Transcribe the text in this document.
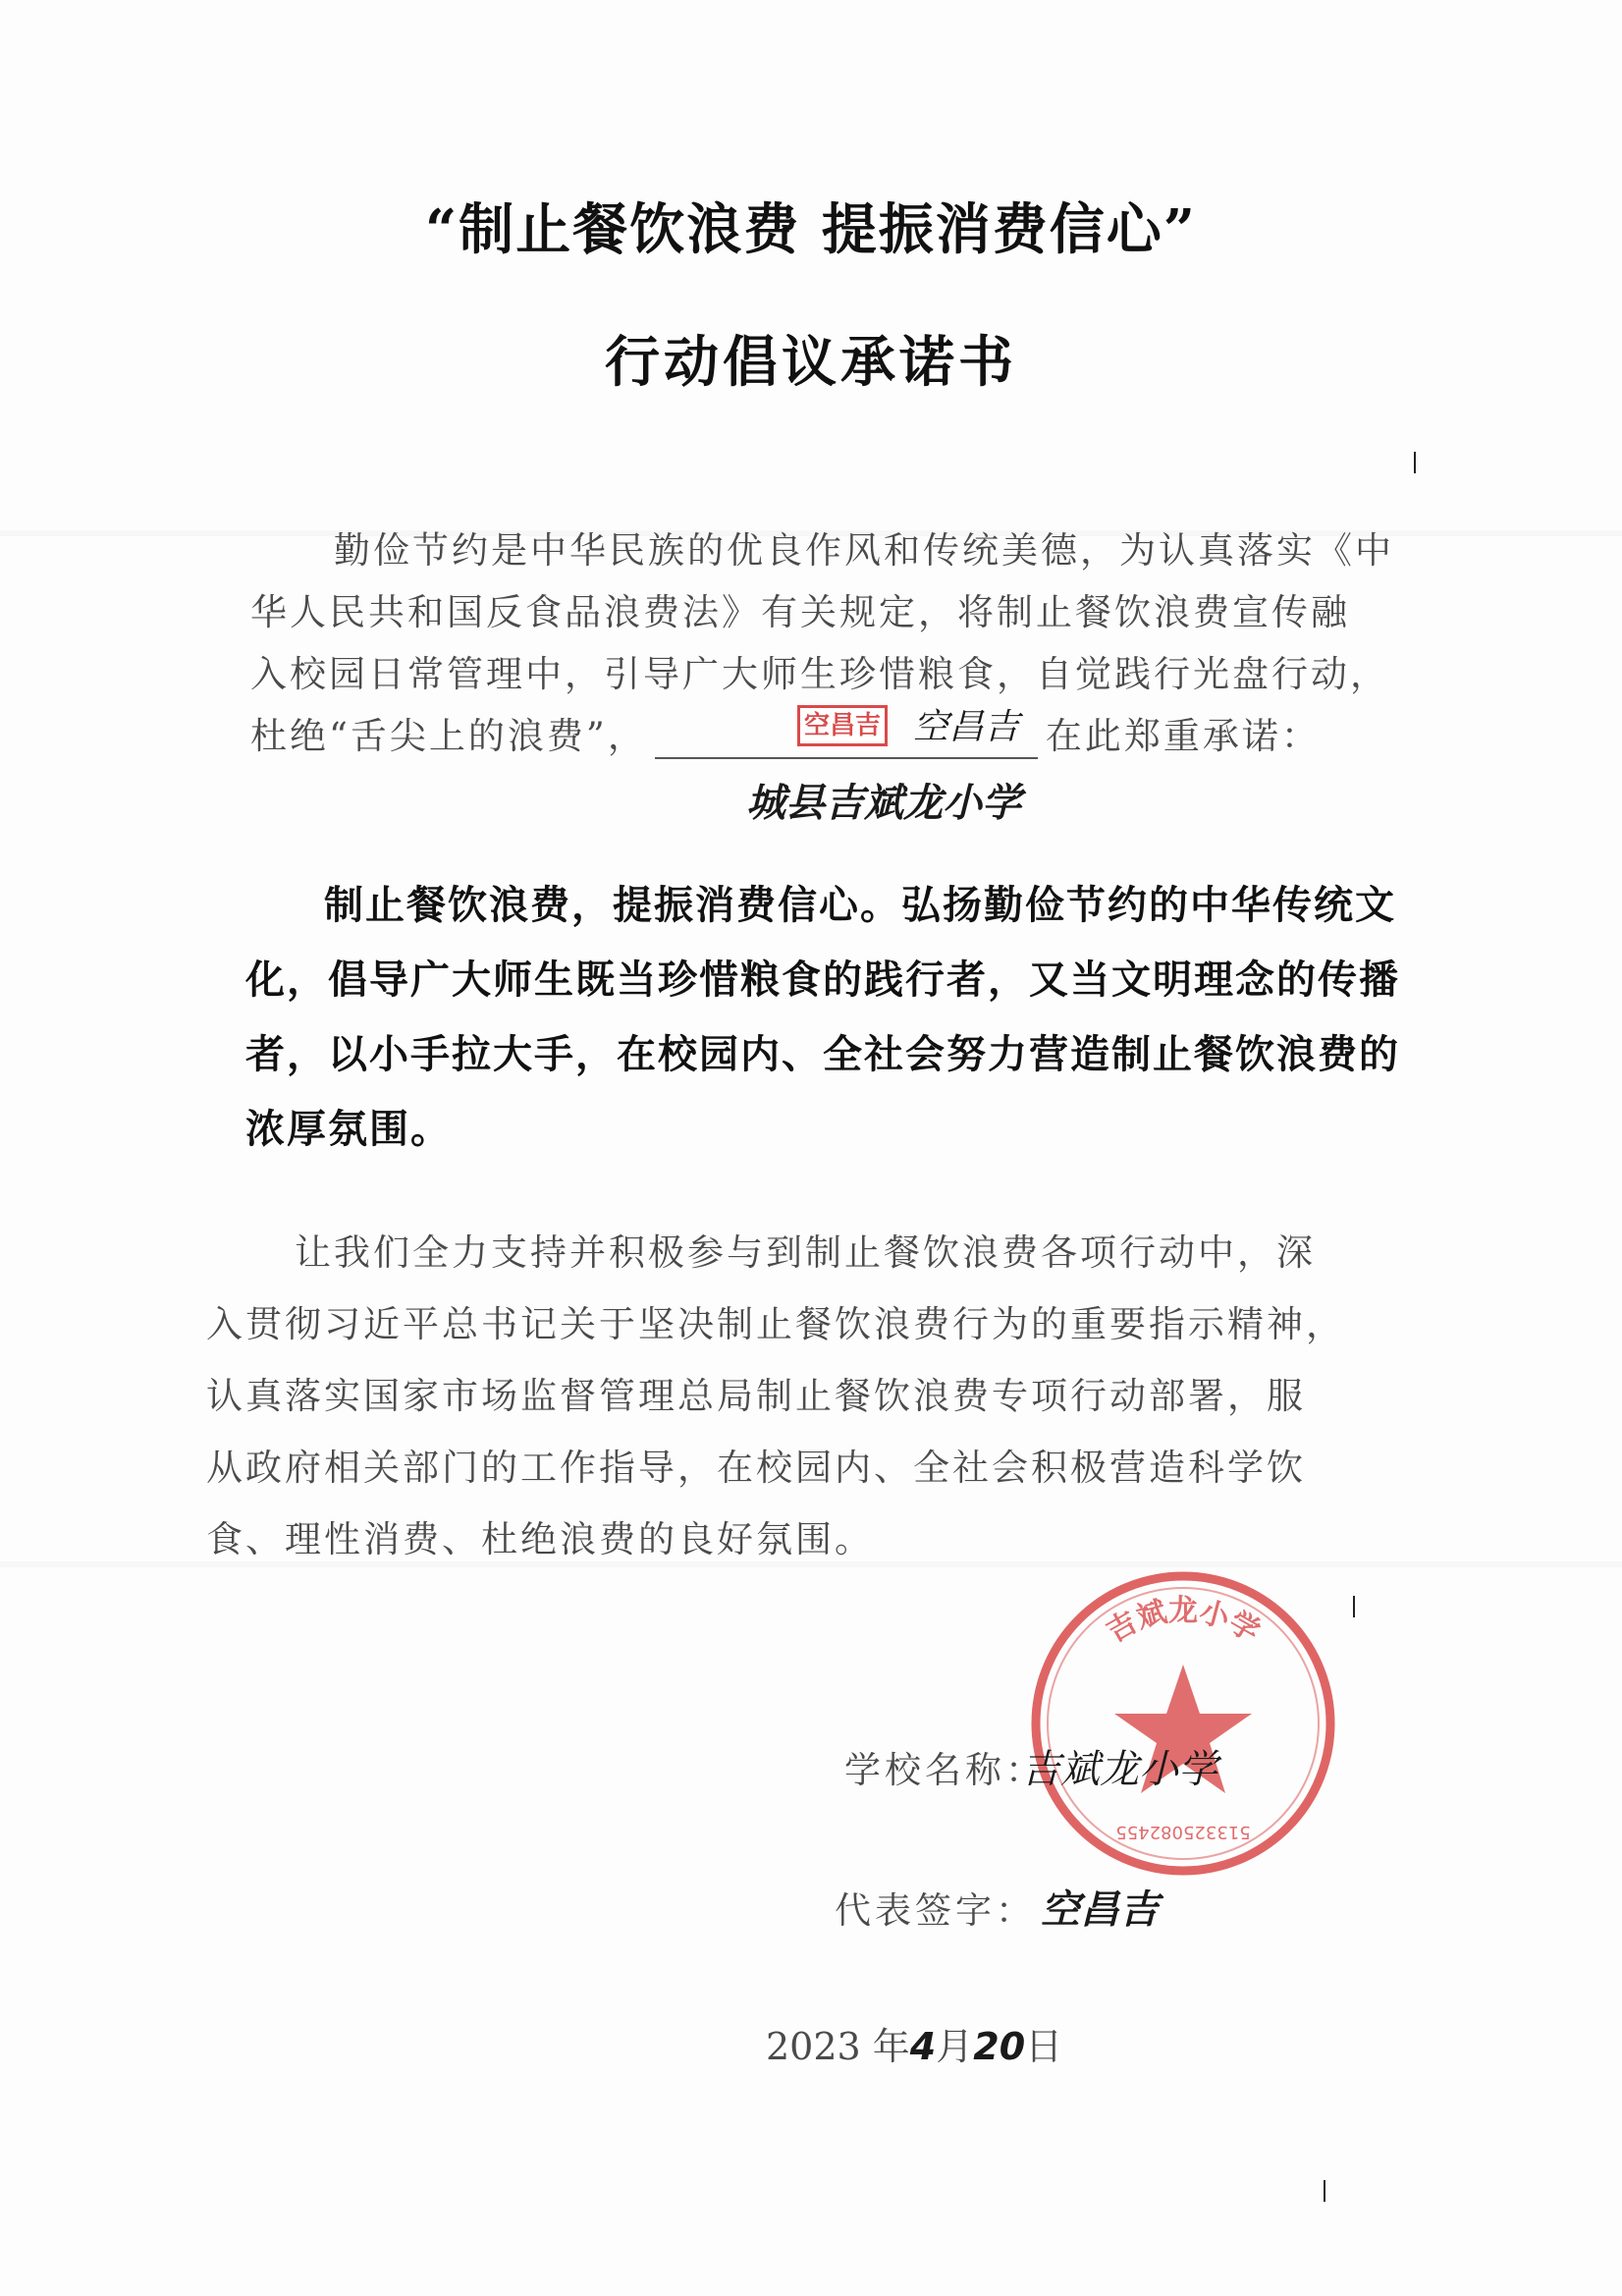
“制止餐饮浪费 提振消费信心”
行动倡议承诺书
勤俭节约是中华民族的优良作风和传统美德，为认真落实《中
华人民共和国反食品浪费法》有关规定，将制止餐饮浪费宣传融
入校园日常管理中，引导广大师生珍惜粮食，自觉践行光盘行动，
杜绝“舌尖上的浪费”，	在此郑重承诺：
空昌吉 空昌吉
城县吉斌龙小学
制止餐饮浪费，提振消费信心。弘扬勤俭节约的中华传统文
化，倡导广大师生既当珍惜粮食的践行者，又当文明理念的传播
者，以小手拉大手，在校园内、全社会努力营造制止餐饮浪费的
浓厚氛围。
让我们全力支持并积极参与到制止餐饮浪费各项行动中，深
入贯彻习近平总书记关于坚决制止餐饮浪费行为的重要指示精神，
认真落实国家市场监督管理总局制止餐饮浪费专项行动部署，服
从政府相关部门的工作指导，在校园内、全社会积极营造科学饮
食、理性消费、杜绝浪费的良好氛围。
吉斌龙小学
513325082455
学校名称：
吉斌龙小学
代表签字： 空昌吉
2023 年4月20日
